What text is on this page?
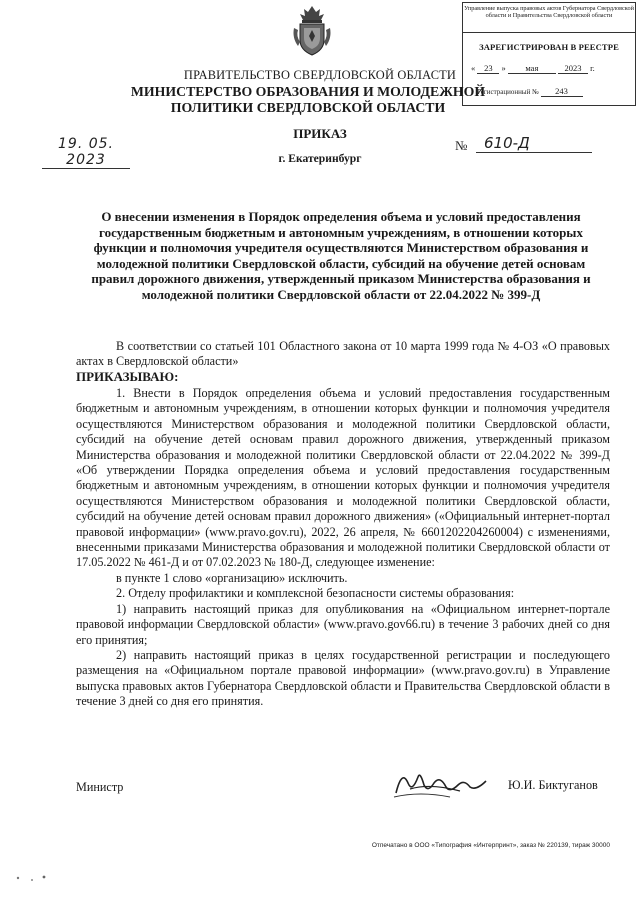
Управление выпуска правовых актов Губернатора Свердловской области и Правительства Свердловской области
ЗАРЕГИСТРИРОВАН В РЕЕСТРЕ
« 23 » мая	2023 г.
Регистрационный № 243
ПРАВИТЕЛЬСТВО СВЕРДЛОВСКОЙ ОБЛАСТИ
МИНИСТЕРСТВО ОБРАЗОВАНИЯ И МОЛОДЕЖНОЙ ПОЛИТИКИ СВЕРДЛОВСКОЙ ОБЛАСТИ
ПРИКАЗ
19. 05. 2023
№	610-Д
г. Екатеринбург
О внесении изменения в Порядок определения объема и условий предоставления государственным бюджетным и автономным учреждениям, в отношении которых функции и полномочия учредителя осуществляются Министерством образования и молодежной политики Свердловской области, субсидий на обучение детей основам правил дорожного движения, утвержденный приказом Министерства образования и молодежной политики Свердловской области от 22.04.2022 № 399-Д

В соответствии со статьей 101 Областного закона от 10 марта 1999 года № 4-ОЗ «О правовых актах в Свердловской области»

ПРИКАЗЫВАЮ:

1. Внести в Порядок определения объема и условий предоставления государственным бюджетным и автономным учреждениям, в отношении которых функции и полномочия учредителя осуществляются Министерством образования и молодежной политики Свердловской области, субсидий на обучение детей основам правил дорожного движения, утвержденный приказом Министерства образования и молодежной политики Свердловской области от 22.04.2022 № 399-Д «Об утверждении Порядка определения объема и условий предоставления государственным бюджетным и автономным учреждениям, в отношении которых функции и полномочия учредителя осуществляются Министерством образования и молодежной политики Свердловской области, субсидий на обучение детей основам правил дорожного движения» («Официальный интернет-портал правовой информации» (www.pravo.gov.ru), 2022, 26 апреля, № 6601202204260004) с изменениями, внесенными приказами Министерства образования и молодежной политики Свердловской области от 17.05.2022 № 461-Д и от 07.02.2023 № 180-Д, следующее изменение:

в пункте 1 слово «организацию» исключить.

2. Отделу профилактики и комплексной безопасности системы образования:

1) направить настоящий приказ для опубликования на «Официальном интернет-портале правовой информации Свердловской области» (www.pravo.gov66.ru) в течение 3 рабочих дней со дня его принятия;

2) направить настоящий приказ в целях государственной регистрации и последующего размещения на «Официальном портале правовой информации» (www.pravo.gov.ru) в Управление выпуска правовых актов Губернатора Свердловской области и Правительства Свердловской области в течение 3 дней со дня его принятия.

Министр	Ю.И. Биктуганов
Отпечатано в ООО «Типография «Интерпринт», заказ № 220139, тираж 30000
